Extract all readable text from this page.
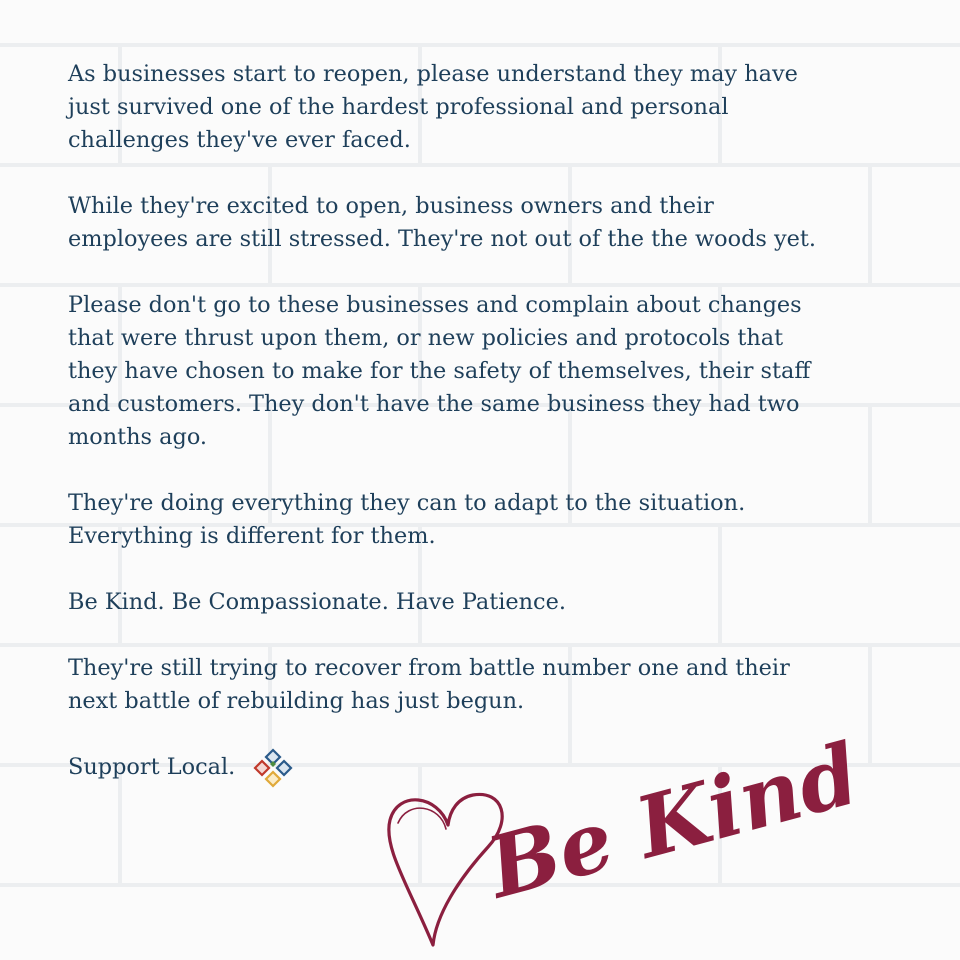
As businesses start to reopen, please understand they may have
just survived one of the hardest professional and personal
challenges they've ever faced.

While they're excited to open, business owners and their
employees are still stressed. They're not out of the the woods yet.

Please don't go to these businesses and complain about changes
that were thrust upon them, or new policies and protocols that
they have chosen to make for the safety of themselves, their staff
and customers. They don't have the same business they had two
months ago.

They're doing everything they can to adapt to the situation.
Everything is different for them.

Be Kind. Be Compassionate. Have Patience.

They're still trying to recover from battle number one and their
next battle of rebuilding has just begun.

Support Local.	Be Kind
